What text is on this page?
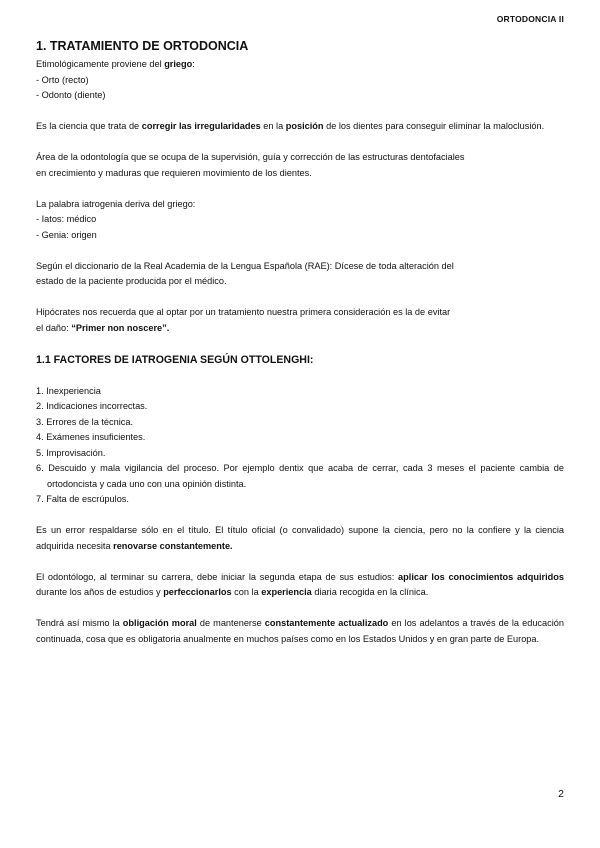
ORTODONCIA II
1. TRATAMIENTO DE ORTODONCIA

Etimológicamente proviene del griego:

- Orto (recto)

- Odonto (diente)

Es la ciencia que trata de corregir las irregularidades en la posición de los dientes para conseguir eliminar la maloclusión.

Área de la odontología que se ocupa de la supervisión, guía y corrección de las estructuras dentofaciales

en crecimiento y maduras que requieren movimiento de los dientes.

La palabra iatrogenia deriva del griego:

- Iatos: médico

- Genia: origen

Según el diccionario de la Real Academia de la Lengua Española (RAE): Dícese de toda alteración del

estado de la paciente producida por el médico.

Hipócrates nos recuerda que al optar por un tratamiento nuestra primera consideración es la de evitar

el daño: “Primer non noscere”.

1.1 FACTORES DE IATROGENIA SEGÚN OTTOLENGHI:

1. Inexperiencia

2. Indicaciones incorrectas.

3. Errores de la técnica.

4. Exámenes insuficientes.

5. Improvisación.

6. Descuido y mala vigilancia del proceso. Por ejemplo dentix que acaba de cerrar, cada 3 meses el paciente cambia de ortodoncista y cada uno con una opinión distinta.

7. Falta de escrúpulos.

Es un error respaldarse sólo en el título. El título oficial (o convalidado) supone la ciencia, pero no la confiere y la ciencia adquirida necesita renovarse constantemente.

El odontólogo, al terminar su carrera, debe iniciar la segunda etapa de sus estudios: aplicar los conocimientos adquiridos durante los años de estudios y perfeccionarlos con la experiencia diaria recogida en la clínica.

Tendrá así mismo la obligación moral de mantenerse constantemente actualizado en los adelantos a través de la educación continuada, cosa que es obligatoria anualmente en muchos países como en los Estados Unidos y en gran parte de Europa.

2
